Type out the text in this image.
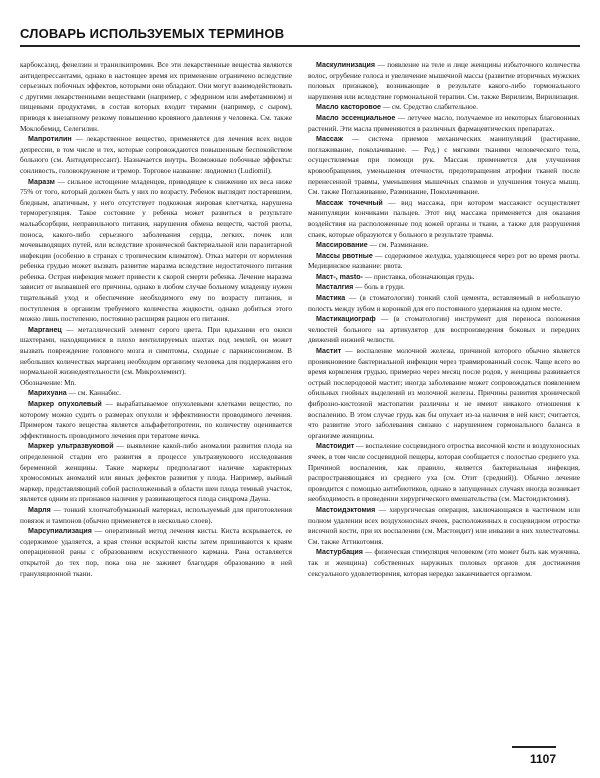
СЛОВАРЬ ИСПОЛЬЗУЕМЫХ ТЕРМИНОВ

карбоксазид, фенелзин и транилкипромин. Все эти лекарственные вещества являются антидепрессантами, однако в настоящее время их применение ограничено вследствие серьезных побочных эффектов, которыми они обладают. Они могут взаимодействовать с другими лекарственными веществами (например, с эфедрином или амфетамином) и пищевыми продуктами, в состав которых входит тирамин (например, с сыром), приводя к внезапному резкому повышению кровяного давления у человека. См. также Моклобемид, Селегилин.

Мапротилин — лекарственное вещество, применяется для лечения всех видов депрессии, в том числе и тех, которые сопровождаются повышенным беспокойством больного (см. Антидепрессант). Назначается внутрь. Возможные побочные эффекты: сонливость, головокружение и тремор. Торговое название: людиомил (Ludiomil).

Маразм — сильное истощение младенцев, приводящее к снижению их веса ниже 75% от того, который должен быть у них по возрасту. Ребенок выглядит постаревшим, бледным, апатичным, у него отсутствует подкожная жировая клетчатка, нарушена терморегуляция. Такое состояние у ребенка может развиться в результате мальабсорбции, неправильного питания, нарушения обмена веществ, частой рвоты, поноса, какого-либо серьезного заболевания сердца, легких, почек или мочевыводящих путей, или вследствие хронической бактериальной или паразитарной инфекции (особенно в странах с тропическим климатом). Отказ матери от кормления ребенка грудью может вызвать развитие маразма вследствие недостаточного питания ребенка. Острая инфекция может привести к скорой смерти ребенка. Лечение маразма зависит от вызвавшей его причины, однако в любом случае больному младенцу нужен тщательный уход и обеспечение необходимого ему по возрасту питания, и поступления в организм требуемого количества жидкости, однако добиться этого можно лишь постепенно, постоянно расширяя рацион его питания.

Марганец — металлический элемент серого цвета. При вдыхании его окиси шахтерами, находящимися в плохо вентилируемых шахтах под землей, он может вызвать повреждение головного мозга и симптомы, сходные с паркинсонизмом. В небольших количествах марганец необходим организму человека для поддержания его нормальной жизнедеятельности (см. Микроэлемент).

Обозначение: Mn.

Марихуана — см. Каннабис.

Маркер опухолевый — вырабатываемое опухолевыми клетками вещество, по которому можно судить о размерах опухоли и эффективности проводимого лечения. Примером такого вещества является альфафетопротеин, по количеству оценивается эффективность проводимого лечения при тератоме яичка.

Маркер ультразвуковой — выявление какой-либо аномалии развития плода на определенной стадии его развития в процессе ультразвукового исследования беременной женщины. Такие маркеры предполагают наличие характерных хромосомных аномалий или явных дефектов развития у плода. Например, выйный маркер, представляющий собой расположенный в области шеи плода темный участок, является одним из признаков наличия у развивающегося плода синдрома Дауна.

Марля — тонкий хлопчатобумажный материал, используемый для приготовления повязок и тампонов (обычно применяется в несколько слоев).

Марсупиализация — оперативный метод лечения кисты. Киста вскрывается, ее содержимое удаляется, а края стенки вскрытой кисты затем пришиваются к краям операционной раны с образованием искусственного кармана. Рана оставляется открытой до тех пор, пока она не заживет благодаря образованию в ней грануляционной ткани.

Маскулинизация — появление на теле и лице женщины избыточного количества волос, огрубение голоса и увеличение мышечной массы (развитие вторичных мужских половых признаков), возникающие в результате какого-либо гормонального нарушения или вследствие гормональной терапии. См. также Вирилизм, Вирилизация.

Масло касторовое — см. Средство слабительное.

Масло эссенциальное — летучее масло, получаемое из некоторых благовонных растений. Эти масла применяются в различных фармацевтических препаратах.

Массаж — система приемов механических манипуляций (растирание, поглаживание, поколачивание. — Ред.) с мягкими тканями человеческого тела, осуществляемая при помощи рук. Массаж применяется для улучшения кровообращения, уменьшения отечности, предотвращения атрофии тканей после перенесенной травмы, уменьшения мышечных спазмов и улучшения тонуса мышц. См. также Поглаживание, Разминание, Поколачивание.

Массаж точечный — вид массажа, при котором массажист осуществляет манипуляции кончиками пальцев. Этот вид массажа применяется для оказания воздействия на расположенные под кожей органы и ткани, а также для разрушения спаек, которые образуются у больного в результате травмы.

Массирование — см. Разминание.

Массы рвотные — содержимое желудка, удаляющееся через рот во время рвоты. Медицинское название: рвота.

Маст-, masto- — приставка, обозначающая грудь.

Масталгия — боль в груди.

Мастика — (в стоматологии) тонкий слой цемента, вставляемый в небольшую полость между зубом и коронкой для его постоянного удержания на одном месте.

Мастикациограф — (в стоматологии) инструмент для переноса положения челюстей больного на артикулятор для воспроизведения боковых и передних движений нижней челюсти.

Мастит — воспаление молочной железы, причиной которого обычно является проникновение бактериальной инфекции через травмированный сосок. Чаще всего во время кормления грудью, примерно через месяц после родов, у женщины развивается острый послеродовой мастит; иногда заболевание может сопровождаться появлением обильных гнойных выделений из молочной железы. Причины развития хронической фиброзно-кистозной мастопатии различны и не имеют никакого отношения к воспалению. В этом случае грудь как бы опухает из-за наличия в ней кист; считается, что развитие этого заболевания связано с нарушением гормонального баланса в организме женщины.

Мастоидит — воспаление сосцевидного отростка височной кости и воздухоносных ячеек, в том числе сосцевидной пещеры, которая сообщается с полостью среднего уха. Причиной воспаления, как правило, является бактериальная инфекция, распространяющаяся из среднего уха (см. Отит (средний)). Обычно лечение проводится с помощью антибиотиков, однако в запущенных случаях иногда возникает необходимость в проведении хирургического вмешательства (см. Мастоидэктомия).

Мастоидэктомия — хирургическая операция, заключающаяся в частичном или полном удалении всех воздухоносных ячеек, расположенных в сосцевидном отростке височной кости, при их воспалении (см. Мастоидит) или инвазии в них холестеатомы. См. также Аттикотомия.

Мастурбация — физическая стимуляция человеком (это может быть как мужчина, так и женщина) собственных наружных половых органов для достижения сексуального удовлетворения, которая нередко заканчивается оргазмом.

1107
